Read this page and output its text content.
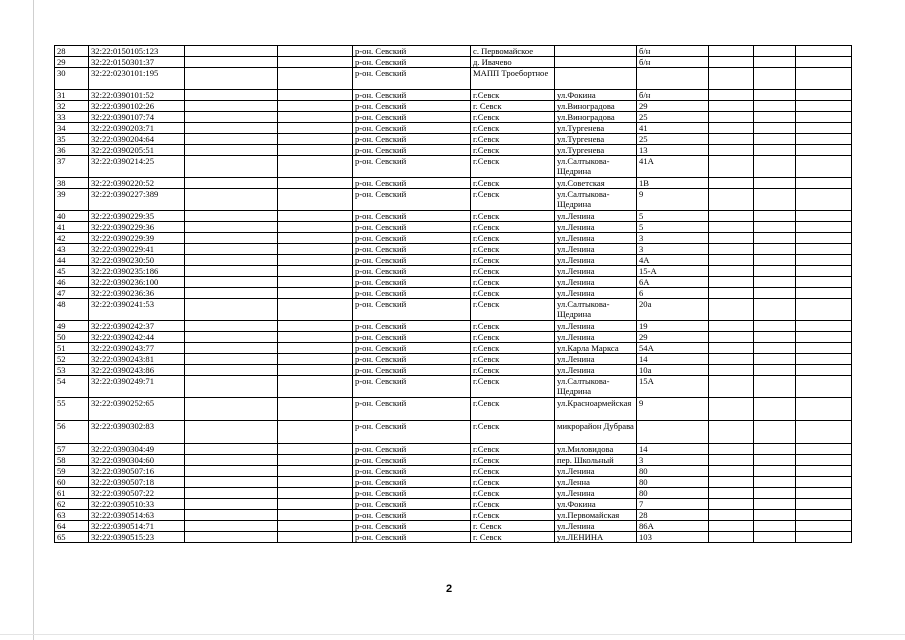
28	32:22:0150105:123			р-он. Севский	с. Первомайское		б/н			
29	32:22:0150301:37			р-он. Севский	д. Ивачево		б/н			
30	32:22:0230101:195			р-он. Севский	МАПП Троебортное					
31	32:22:0390101:52			р-он. Севский	г.Севск	ул.Фокина	б/н			
32	32:22:0390102:26			р-он. Севский	г. Севск	ул.Виноградова	29			
33	32:22:0390107:74			р-он. Севский	г.Севск	ул.Виноградова	25			
34	32:22:0390203:71			р-он. Севский	г.Севск	ул.Тургенева	41			
35	32:22:0390204:64			р-он. Севский	г.Севск	ул.Тургенева	25			
36	32:22:0390205:51			р-он. Севский	г.Севск	ул.Тургенева	13			
37	32:22:0390214:25			р-он. Севский	г.Севск	ул.Салтыкова-Щедрина	41А			
38	32:22:0390220:52			р-он. Севский	г.Севск	ул.Советская	1В			
39	32:22:0390227:389			р-он. Севский	г.Севск	ул.Салтыкова-Щедрина	9			
40	32:22:0390229:35			р-он. Севский	г.Севск	ул.Ленина	5			
41	32:22:0390229:36			р-он. Севский	г.Севск	ул.Ленина	5			
42	32:22:0390229:39			р-он. Севский	г.Севск	ул.Ленина	3			
43	32:22:0390229:41			р-он. Севский	г.Севск	ул.Ленина	3			
44	32:22:0390230:50			р-он. Севский	г.Севск	ул.Ленина	4А			
45	32:22:0390235:186			р-он. Севский	г.Севск	ул.Ленина	15-А			
46	32:22:0390236:100			р-он. Севский	г.Севск	ул.Ленина	6А			
47	32:22:0390236:36			р-он. Севский	г.Севск	ул.Ленина	6			
48	32:22:0390241:53			р-он. Севский	г.Севск	ул.Салтыкова-Щедрина	20а			
49	32:22:0390242:37			р-он. Севский	г.Севск	ул.Ленина	19			
50	32:22:0390242:44			р-он. Севский	г.Севск	ул.Ленина	29			
51	32:22:0390243:77			р-он. Севский	г.Севск	ул.Карла Маркса	54А			
52	32:22:0390243:81			р-он. Севский	г.Севск	ул.Ленина	14			
53	32:22:0390243:86			р-он. Севский	г.Севск	ул.Ленина	10а			
54	32:22:0390249:71			р-он. Севский	г.Севск	ул.Салтыкова-Щедрина	15А			
55	32:22:0390252:65			р-он. Севский	г.Севск	ул.Красноармейская	9			
56	32:22:0390302:83			р-он. Севский	г.Севск	микрорайон Дубрава				
57	32:22:0390304:49			р-он. Севский	г.Севск	ул.Миловидова	14			
58	32:22:0390304:60			р-он. Севский	г.Севск	пер. Школьный	3			
59	32:22:0390507:16			р-он. Севский	г.Севск	ул.Ленина	80			
60	32:22:0390507:18			р-он. Севский	г.Севск	ул.Ленна	80			
61	32:22:0390507:22			р-он. Севский	г.Севск	ул.Ленина	80			
62	32:22:0390510:33			р-он. Севский	г.Севск	ул.Фокина	7			
63	32:22:0390514:63			р-он. Севский	г.Севск	ул.Первомайская	28			
64	32:22:0390514:71			р-он. Севский	г. Севск	ул.Ленина	86А			
65	32:22:0390515:23			р-он. Севский	г. Севск	ул.ЛЕНИНА	103			
2
